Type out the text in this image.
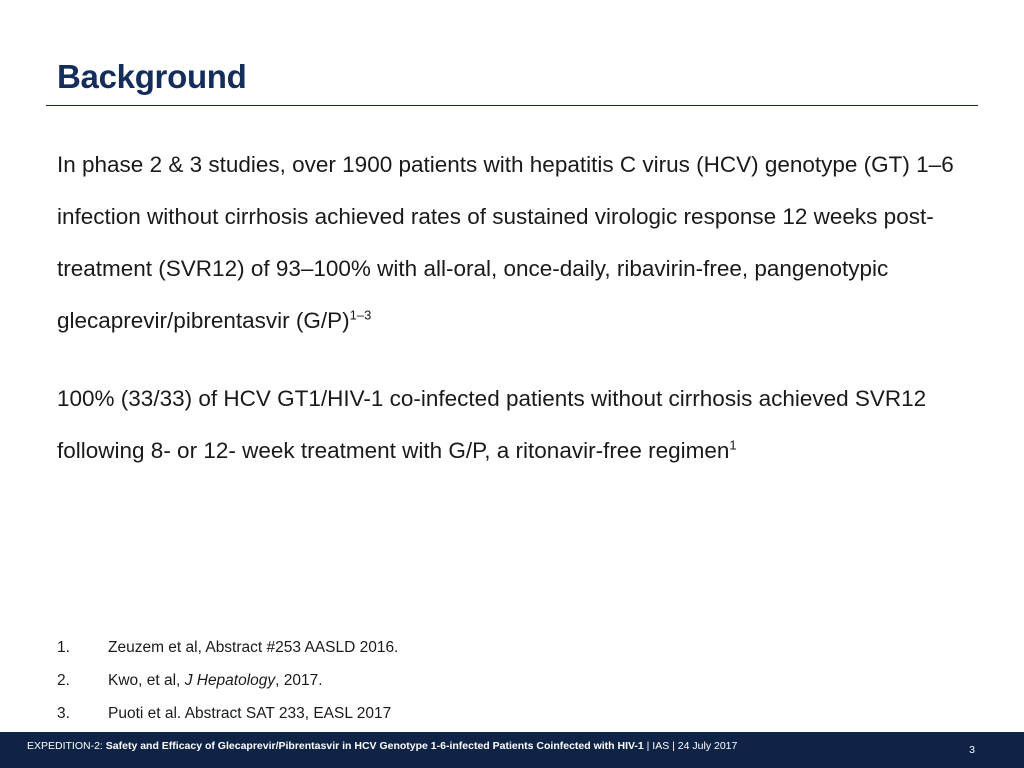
Background

In phase 2 & 3 studies, over 1900 patients with hepatitis C virus (HCV) genotype (GT) 1–6 infection without cirrhosis achieved rates of sustained virologic response 12 weeks post-treatment (SVR12) of 93–100% with all-oral, once-daily, ribavirin-free, pangenotypic glecaprevir/pibrentasvir $(G/P)^{1-3}$

100% (33/33) of HCV GT1/HIV-1 co-infected patients without cirrhosis achieved SVR12 following 8- or 12- week treatment with G/P, a ritonavir-free regimen$^1$

1.	Zeuzem et al, Abstract #253 AASLD 2016.
2.	Kwo, et al, J Hepatology, 2017.
3.	Puoti et al. Abstract SAT 233, EASL 2017
EXPEDITION-2: Safety and Efficacy of Glecaprevir/Pibrentasvir in HCV Genotype 1-6-infected Patients Coinfected with HIV-1 | IAS | 24 July 2017	3
